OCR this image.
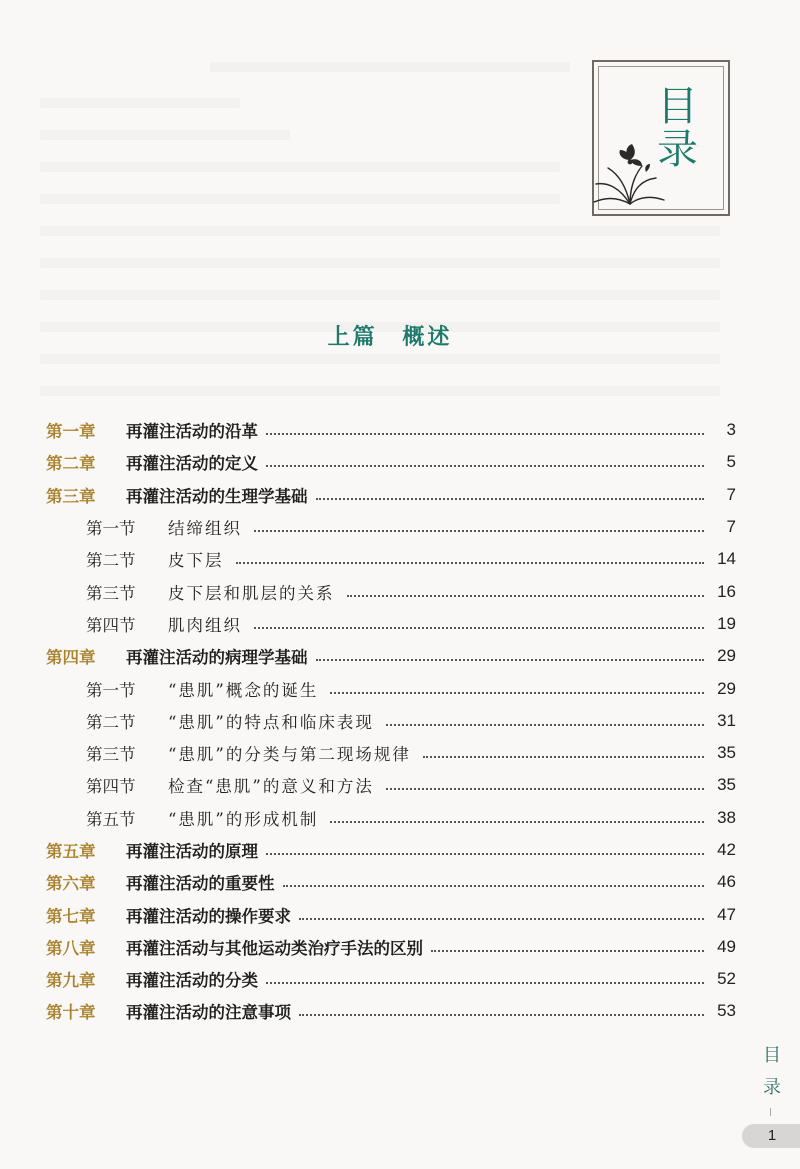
目录
上篇 概述
第一章	再灌注活动的沿革	3
第二章	再灌注活动的定义	5
第三章	再灌注活动的生理学基础	7
第一节	结缔组织	7
第二节	皮下层	14
第三节	皮下层和肌层的关系	16
第四节	肌肉组织	19
第四章	再灌注活动的病理学基础	29
第一节	“患肌”概念的诞生	29
第二节	“患肌”的特点和临床表现	31
第三节	“患肌”的分类与第二现场规律	35
第四节	检查“患肌”的意义和方法	35
第五节	“患肌”的形成机制	38
第五章	再灌注活动的原理	42
第六章	再灌注活动的重要性	46
第七章	再灌注活动的操作要求	47
第八章	再灌注活动与其他运动类治疗手法的区别	49
第九章	再灌注活动的分类	52
第十章	再灌注活动的注意事项	53
目录
1
